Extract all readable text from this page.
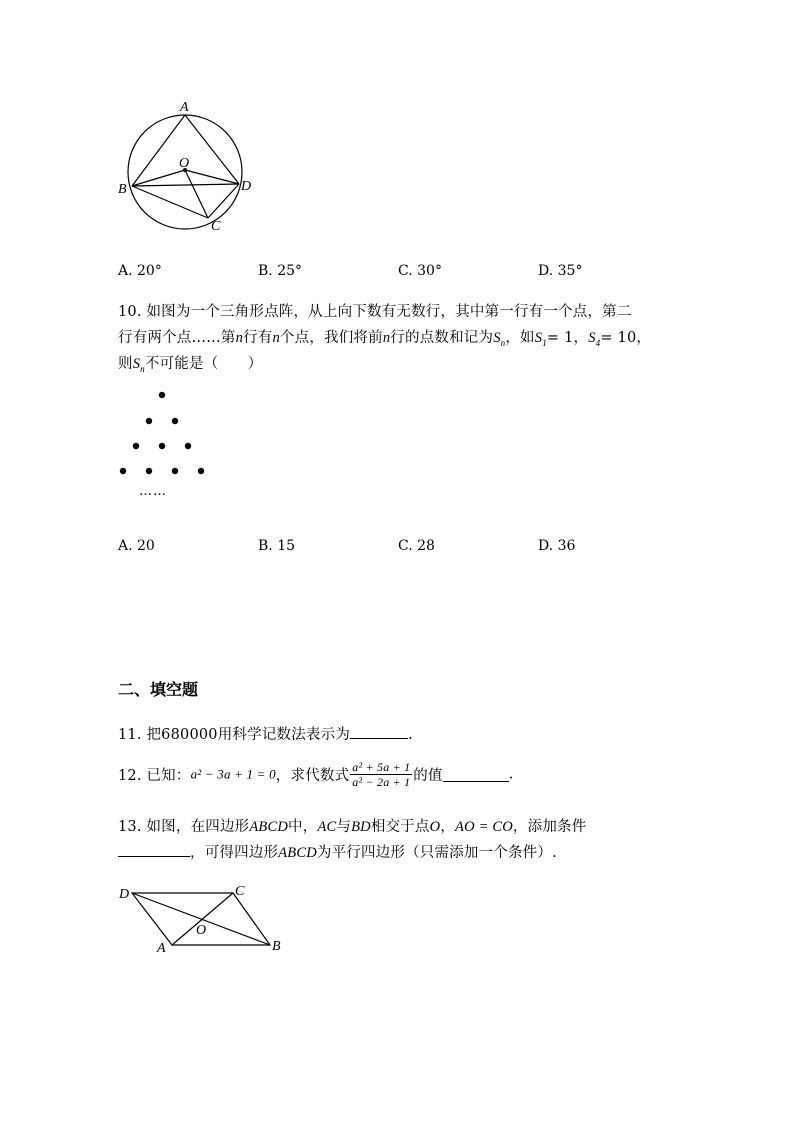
A
O
B	D
C
A. 20°	B. 25°	C. 30°	D. 35°
10. 如图为一个三角形点阵，从上向下数有无数行，其中第一行有一个点，第二
行有两个点……第n行有n个点，我们将前n行的点数和记为$S_n$，如$S_1= 1$，$S_4= 10$，
则$S_n$不可能是（　　）
……
A. 20	B. 15	C. 28	D. 36
二、填空题
11. 把680000用科学记数法表示为	.
12. 已知：a² − 3a + 1 = 0，求代数式 $\frac{\text{a² + 5a + 1}}{\text{a² − 2a + 1}}$ 的值	.
13. 如图，在四边形ABCD中，AC与BD相交于点O，AO = CO，添加条件
，可得四边形ABCD为平行四边形（只需添加一个条件）.
D	C
O
A	B
